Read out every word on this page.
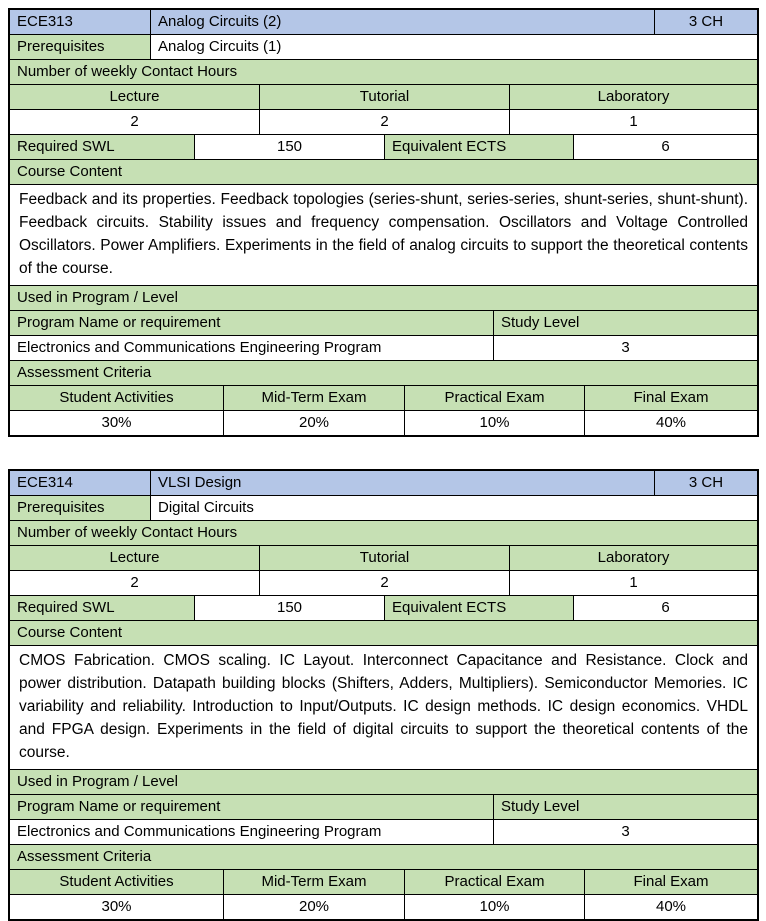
ECE313	Analog Circuits (2)	3 CH
Prerequisites	Analog Circuits (1)
Number of weekly Contact Hours
Lecture	Tutorial	Laboratory
2	2	1
Required SWL	150	Equivalent ECTS	6
Course Content
Feedback and its properties. Feedback topologies (series-shunt, series-series, shunt-series, shunt-shunt). Feedback circuits. Stability issues and frequency compensation. Oscillators and Voltage Controlled Oscillators. Power Amplifiers. Experiments in the field of analog circuits to support the theoretical contents of the course.
Used in Program / Level
Program Name or requirement	Study Level
Electronics and Communications Engineering Program	3
Assessment Criteria
Student Activities	Mid-Term Exam	Practical Exam	Final Exam
30%	20%	10%	40%
ECE314	VLSI Design	3 CH
Prerequisites	Digital Circuits
Number of weekly Contact Hours
Lecture	Tutorial	Laboratory
2	2	1
Required SWL	150	Equivalent ECTS	6
Course Content
CMOS Fabrication. CMOS scaling. IC Layout. Interconnect Capacitance and Resistance. Clock and power distribution. Datapath building blocks (Shifters, Adders, Multipliers). Semiconductor Memories. IC variability and reliability. Introduction to Input/Outputs. IC design methods. IC design economics. VHDL and FPGA design. Experiments in the field of digital circuits to support the theoretical contents of the course.
Used in Program / Level
Program Name or requirement	Study Level
Electronics and Communications Engineering Program	3
Assessment Criteria
Student Activities	Mid-Term Exam	Practical Exam	Final Exam
30%	20%	10%	40%
